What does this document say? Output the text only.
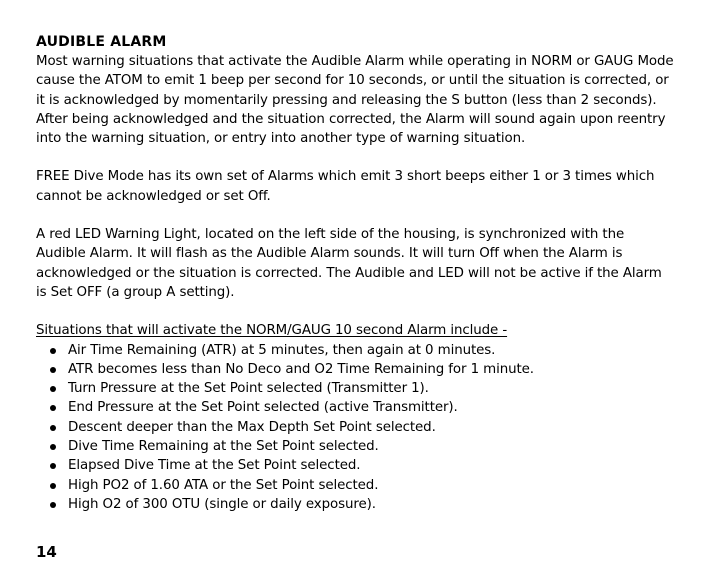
AUDIBLE ALARM

Most warning situations that activate the Audible Alarm while operating in NORM or GAUG Mode cause the ATOM to emit 1 beep per second for 10 seconds, or until the situation is corrected, or it is acknowledged by momentarily pressing and releasing the S button (less than 2 seconds). After being acknowledged and the situation corrected, the Alarm will sound again upon reentry into the warning situation, or entry into another type of warning situation.

FREE Dive Mode has its own set of Alarms which emit 3 short beeps either 1 or 3 times which cannot be acknowledged or set Off.

A red LED Warning Light, located on the left side of the housing, is synchronized with the Audible Alarm. It will flash as the Audible Alarm sounds. It will turn Off when the Alarm is acknowledged or the situation is corrected. The Audible and LED will not be active if the Alarm is Set OFF (a group A setting).

Situations that will activate the NORM/GAUG 10 second Alarm include -
Air Time Remaining (ATR) at 5 minutes, then again at 0 minutes.
ATR becomes less than No Deco and O2 Time Remaining for 1 minute.
Turn Pressure at the Set Point selected (Transmitter 1).
End Pressure at the Set Point selected (active Transmitter).
Descent deeper than the Max Depth Set Point selected.
Dive Time Remaining at the Set Point selected.
Elapsed Dive Time at the Set Point selected.
High PO2 of 1.60 ATA or the Set Point selected.
High O2 of 300 OTU (single or daily exposure).
14
